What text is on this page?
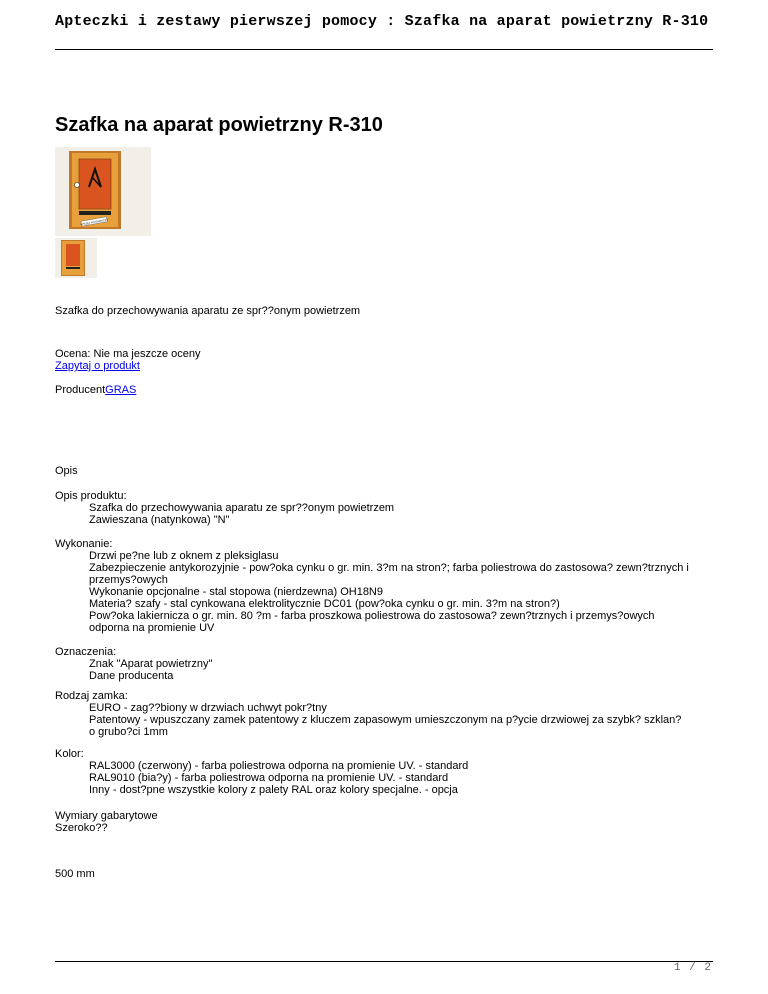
Apteczki i zestawy pierwszej pomocy : Szafka na aparat powietrzny R-310
Szafka na aparat powietrzny R-310
SPRZĘT RATOWNICZY
Szafka do przechowywania aparatu ze spr??onym powietrzem
Ocena: Nie ma jeszcze oceny
Zapytaj o produkt
ProducentGRAS
Opis
Opis produktu:
Szafka do przechowywania aparatu ze spr??onym powietrzem
Zawieszana (natynkowa) "N"
Wykonanie:
Drzwi pe?ne lub z oknem z pleksiglasu
Zabezpieczenie antykorozyjnie - pow?oka cynku o gr. min. 3?m na stron?; farba poliestrowa do zastosowa? zewn?trznych i przemys?owych
Wykonanie opcjonalne - stal stopowa (nierdzewna) OH18N9
Materia? szafy - stal cynkowana elektrolitycznie DC01 (pow?oka cynku o gr. min. 3?m na stron?)
Pow?oka lakiernicza o gr. min. 80 ?m - farba proszkowa poliestrowa do zastosowa? zewn?trznych i przemys?owych odporna na promienie UV
Oznaczenia:
Znak "Aparat powietrzny"
Dane producenta
Rodzaj zamka:
EURO - zag??biony w drzwiach uchwyt pokr?tny
Patentowy - wpuszczany zamek patentowy z kluczem zapasowym umieszczonym na p?ycie drzwiowej za szybk? szklan? o grubo?ci 1mm
Kolor:
RAL3000 (czerwony) - farba poliestrowa odporna na promienie UV. - standard
RAL9010 (bia?y) - farba poliestrowa odporna na promienie UV. - standard
Inny - dost?pne wszystkie kolory z palety RAL oraz kolory specjalne. - opcja
Wymiary gabarytowe
Szeroko??
500 mm
1 / 2
